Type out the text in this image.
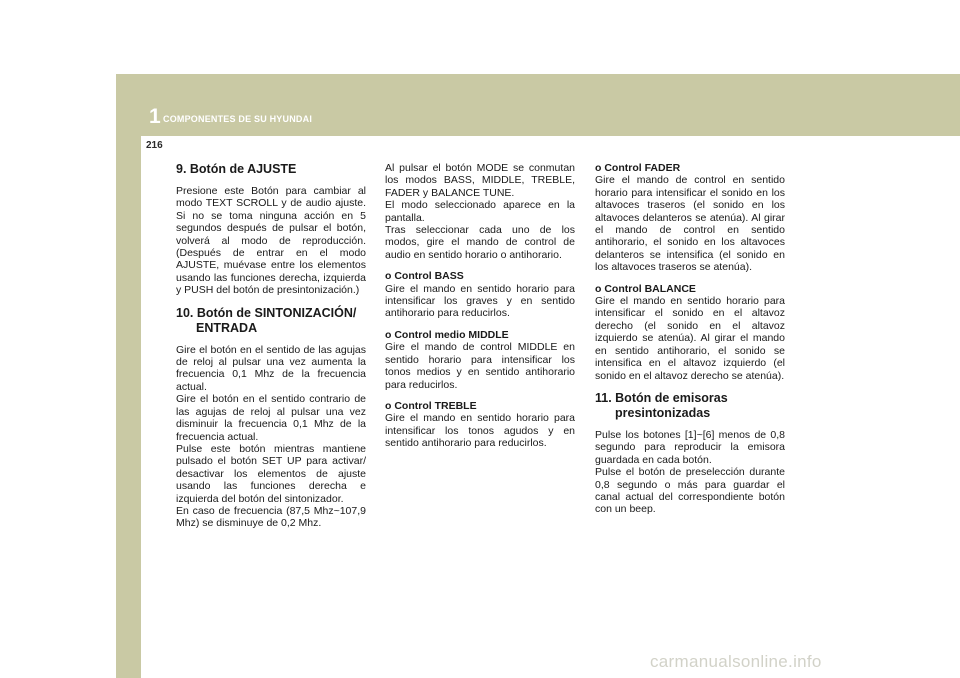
1 COMPONENTES DE SU HYUNDAI
216
9. Botón de AJUSTE

Presione este Botón para cambiar al modo TEXT SCROLL y de audio ajuste. Si no se toma ninguna acción en 5 segundos después de pulsar el botón, volverá al modo de reproducción. (Después de entrar en el modo AJUSTE, muévase entre los elementos usando las funciones derecha, izquierda y PUSH del botón de presintonización.)

10. Botón de SINTONIZACIÓN/ ENTRADA

Gire el botón en el sentido de las agujas de reloj al pulsar una vez aumenta la frecuencia 0,1 Mhz de la frecuencia actual.

Gire el botón en el sentido contrario de las agujas de reloj al pulsar una vez disminuir la frecuencia 0,1 Mhz de la frecuencia actual.

Pulse este botón mientras mantiene pulsado el botón SET UP para activar/ desactivar los elementos de ajuste usando las funciones derecha e izquierda del botón del sintonizador.

En caso de frecuencia (87,5 Mhz~107,9 Mhz) se disminuye de 0,2 Mhz.

Al pulsar el botón MODE se conmutan los modos BASS, MIDDLE, TREBLE, FADER y BALANCE TUNE.

El modo seleccionado aparece en la pantalla.

Tras seleccionar cada uno de los modos, gire el mando de control de audio en sentido horario o antihorario.

o Control BASS

Gire el mando en sentido horario para intensificar los graves y en sentido antihorario para reducirlos.

o Control medio MIDDLE

Gire el mando de control MIDDLE en sentido horario para intensificar los tonos medios y en sentido antihorario para reducirlos.

o Control TREBLE

Gire el mando en sentido horario para intensificar los tonos agudos y en sentido antihorario para reducirlos.

o Control FADER

Gire el mando de control en sentido horario para intensificar el sonido en los altavoces traseros (el sonido en los altavoces delanteros se atenúa). Al girar el mando de control en sentido antihorario, el sonido en los altavoces delanteros se intensifica (el sonido en los altavoces traseros se atenúa).

o Control BALANCE

Gire el mando en sentido horario para intensificar el sonido en el altavoz derecho (el sonido en el altavoz izquierdo se atenúa). Al girar el mando en sentido antihorario, el sonido se intensifica en el altavoz izquierdo (el sonido en el altavoz derecho se atenúa).

11. Botón de emisoras presintonizadas

Pulse los botones [1]~[6] menos de 0,8 segundo para reproducir la emisora guardada en cada botón.

Pulse el botón de preselección durante 0,8 segundo o más para guardar el canal actual del correspondiente botón con un beep.

carmanualsonline.info
